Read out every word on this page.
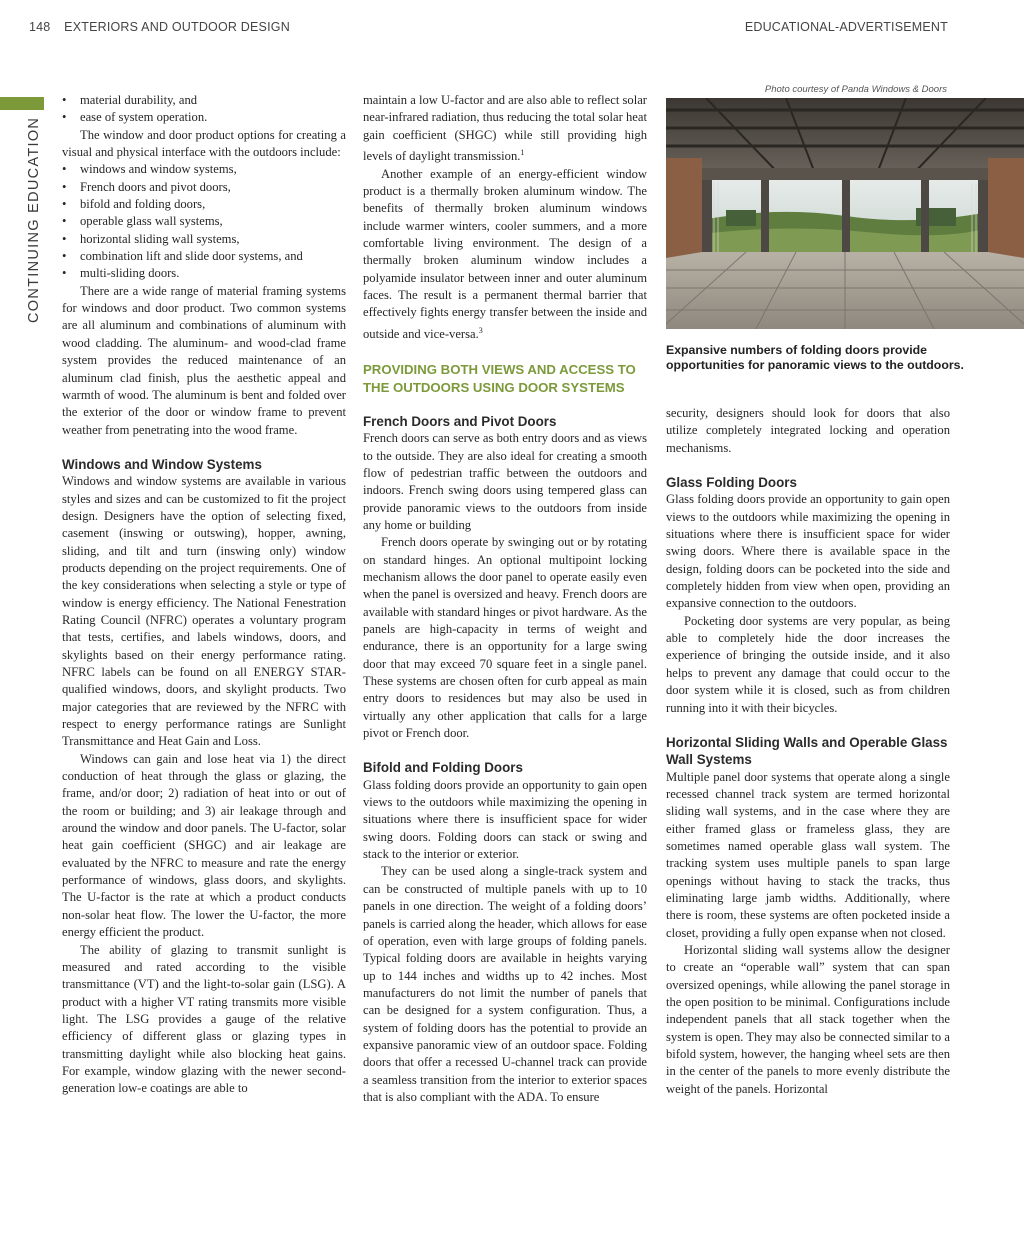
148 EXTERIORS AND OUTDOOR DESIGN	EDUCATIONAL-ADVERTISEMENT
CONTINUING EDUCATION
• material durability, and
• ease of system operation.

The window and door product options for creating a visual and physical interface with the outdoors include:

• windows and window systems,
• French doors and pivot doors,
• bifold and folding doors,
• operable glass wall systems,
• horizontal sliding wall systems,
• combination lift and slide door systems, and
• multi-sliding doors.

There are a wide range of material framing systems for windows and door product. Two common systems are all aluminum and combinations of aluminum with wood cladding. The aluminum- and wood-clad frame system provides the reduced maintenance of an aluminum clad finish, plus the aesthetic appeal and warmth of wood. The aluminum is bent and folded over the exterior of the door or window frame to prevent weather from penetrating into the wood frame.

Windows and Window Systems

Windows and window systems are available in various styles and sizes and can be customized to fit the project design. Designers have the option of selecting fixed, casement (inswing or outswing), hopper, awning, sliding, and tilt and turn (inswing only) window products depending on the project requirements. One of the key considerations when selecting a style or type of window is energy efficiency. The National Fenestration Rating Council (NFRC) operates a voluntary program that tests, certifies, and labels windows, doors, and skylights based on their energy performance rating. NFRC labels can be found on all ENERGY STAR-qualified windows, doors, and skylight products. Two major categories that are reviewed by the NFRC with respect to energy performance ratings are Sunlight Transmittance and Heat Gain and Loss.

Windows can gain and lose heat via 1) the direct conduction of heat through the glass or glazing, the frame, and/or door; 2) radiation of heat into or out of the room or building; and 3) air leakage through and around the window and door panels. The U-factor, solar heat gain coefficient (SHGC) and air leakage are evaluated by the NFRC to measure and rate the energy performance of windows, glass doors, and skylights. The U-factor is the rate at which a product conducts non-solar heat flow. The lower the U-factor, the more energy efficient the product.

The ability of glazing to transmit sunlight is measured and rated according to the visible transmittance (VT) and the light-to-solar gain (LSG). A product with a higher VT rating transmits more visible light. The LSG provides a gauge of the relative efficiency of different glass or glazing types in transmitting daylight while also blocking heat gains. For example, window glazing with the newer second-generation low-e coatings are able to

maintain a low U-factor and are also able to reflect solar near-infrared radiation, thus reducing the total solar heat gain coefficient (SHGC) while still providing high levels of daylight transmission.$^1$

Another example of an energy-efficient window product is a thermally broken aluminum window. The benefits of thermally broken aluminum windows include warmer winters, cooler summers, and a more comfortable living environment. The design of a thermally broken aluminum window includes a polyamide insulator between inner and outer aluminum faces. The result is a permanent thermal barrier that effectively fights energy transfer between the inside and outside and vice-versa.$^3$

PROVIDING BOTH VIEWS AND ACCESS TO THE OUTDOORS USING DOOR SYSTEMS
French Doors and Pivot Doors

French doors can serve as both entry doors and as views to the outside. They are also ideal for creating a smooth flow of pedestrian traffic between the outdoors and indoors. French swing doors using tempered glass can provide panoramic views to the outdoors from inside any home or building

French doors operate by swinging out or by rotating on standard hinges. An optional multipoint locking mechanism allows the door panel to operate easily even when the panel is oversized and heavy. French doors are available with standard hinges or pivot hardware. As the panels are high-capacity in terms of weight and endurance, there is an opportunity for a large swing door that may exceed 70 square feet in a single panel. These systems are chosen often for curb appeal as main entry doors to residences but may also be used in virtually any other application that calls for a large pivot or French door.

Bifold and Folding Doors

Glass folding doors provide an opportunity to gain open views to the outdoors while maximizing the opening in situations where there is insufficient space for wider swing doors. Folding doors can stack or swing and stack to the interior or exterior.

They can be used along a single-track system and can be constructed of multiple panels with up to 10 panels in one direction. The weight of a folding doors’ panels is carried along the header, which allows for ease of operation, even with large groups of folding panels. Typical folding doors are available in heights varying up to 144 inches and widths up to 42 inches. Most manufacturers do not limit the number of panels that can be designed for a system configuration. Thus, a system of folding doors has the potential to provide an expansive panoramic view of an outdoor space. Folding doors that offer a recessed U-channel track can provide a seamless transition from the interior to exterior spaces that is also compliant with the ADA. To ensure

Photo courtesy of Panda Windows & Doors
Expansive numbers of folding doors provide opportunities for panoramic views to the outdoors.

security, designers should look for doors that also utilize completely integrated locking and operation mechanisms.

Glass Folding Doors

Glass folding doors provide an opportunity to gain open views to the outdoors while maximizing the opening in situations where there is insufficient space for wider swing doors. Where there is available space in the design, folding doors can be pocketed into the side and completely hidden from view when open, providing an expansive connection to the outdoors.

Pocketing door systems are very popular, as being able to completely hide the door increases the experience of bringing the outside inside, and it also helps to prevent any damage that could occur to the door system while it is closed, such as from children running into it with their bicycles.

Horizontal Sliding Walls and Operable Glass Wall Systems

Multiple panel door systems that operate along a single recessed channel track system are termed horizontal sliding wall systems, and in the case where they are either framed glass or frameless glass, they are sometimes named operable glass wall system. The tracking system uses multiple panels to span large openings without having to stack the tracks, thus eliminating large jamb widths. Additionally, where there is room, these systems are often pocketed inside a closet, providing a fully open expanse when not closed.

Horizontal sliding wall systems allow the designer to create an “operable wall” system that can span oversized openings, while allowing the panel storage in the open position to be minimal. Configurations include independent panels that all stack together when the system is open. They may also be connected similar to a bifold system, however, the hanging wheel sets are then in the center of the panels to more evenly distribute the weight of the panels. Horizontal
